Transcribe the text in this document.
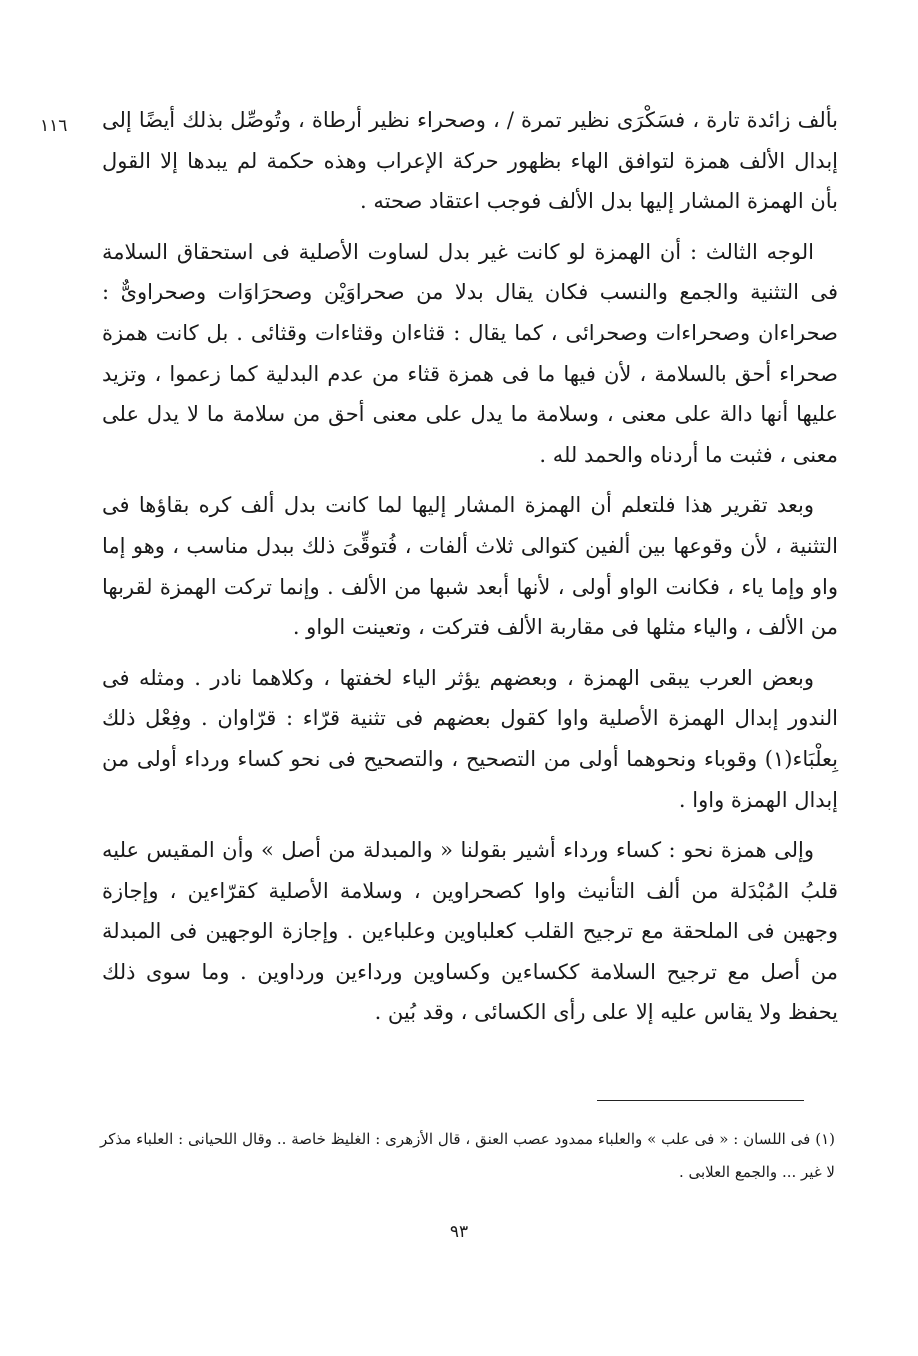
١١٦ بألف زائدة تارة ، فسَكْرَى نظير تمرة / ، وصحراء نظير أرطاة ، وتُوصِّل بذلك أيضًا إلى إبدال الألف همزة لتوافق الهاء بظهور حركة الإعراب وهذه حكمة لم يبدها إلا القول بأن الهمزة المشار إليها بدل الألف فوجب اعتقاد صحته .

الوجه الثالث : أن الهمزة لو كانت غير بدل لساوت الأصلية فى استحقاق السلامة فى التثنية والجمع والنسب فكان يقال بدلا من صحراوَيْن وصحرَاوَات وصحراوىٌّ : صحراءان وصحراءات وصحرائى ، كما يقال : قثاءان وقثاءات وقثائى . بل كانت همزة صحراء أحق بالسلامة ، لأن فيها ما فى همزة قثاء من عدم البدلية كما زعموا ، وتزيد عليها أنها دالة على معنى ، وسلامة ما يدل على معنى أحق من سلامة ما لا يدل على معنى ، فثبت ما أردناه والحمد لله .

وبعد تقرير هذا فلتعلم أن الهمزة المشار إليها لما كانت بدل ألف كره بقاؤها فى التثنية ، لأن وقوعها بين ألفين كتوالى ثلاث ألفات ، فُتوقِّىَ ذلك ببدل مناسب ، وهو إما واو وإما ياء ، فكانت الواو أولى ، لأنها أبعد شبها من الألف . وإنما تركت الهمزة لقربها من الألف ، والياء مثلها فى مقاربة الألف فتركت ، وتعينت الواو .

وبعض العرب يبقى الهمزة ، وبعضهم يؤثر الياء لخفتها ، وكلاهما نادر . ومثله فى الندور إبدال الهمزة الأصلية واوا كقول بعضهم فى تثنية قرّاء : قرّاوان . وفِعْل ذلك بِعلْبَاء(١) وقوباء ونحوهما أولى من التصحيح ، والتصحيح فى نحو كساء ورداء أولى من إبدال الهمزة واوا .

وإلى همزة نحو : كساء ورداء أشير بقولنا « والمبدلة من أصل » وأن المقيس عليه قلبُ المُبْدَلة من ألف التأنيث واوا كصحراوين ، وسلامة الأصلية كقرّاءين ، وإجازة وجهين فى الملحقة مع ترجيح القلب كعلباوين وعلباءين . وإجازة الوجهين فى المبدلة من أصل مع ترجيح السلامة ككساءين وكساوين ورداءين ورداوين . وما سوى ذلك يحفظ ولا يقاس عليه إلا على رأى الكسائى ، وقد بُين .

(١) فى اللسان : « فى علب » والعلباء ممدود عصب العنق ، قال الأزهرى : الغليظ خاصة .. وقال اللحيانى : العلباء مذكر لا غير ... والجمع العلابى .

٩٣
